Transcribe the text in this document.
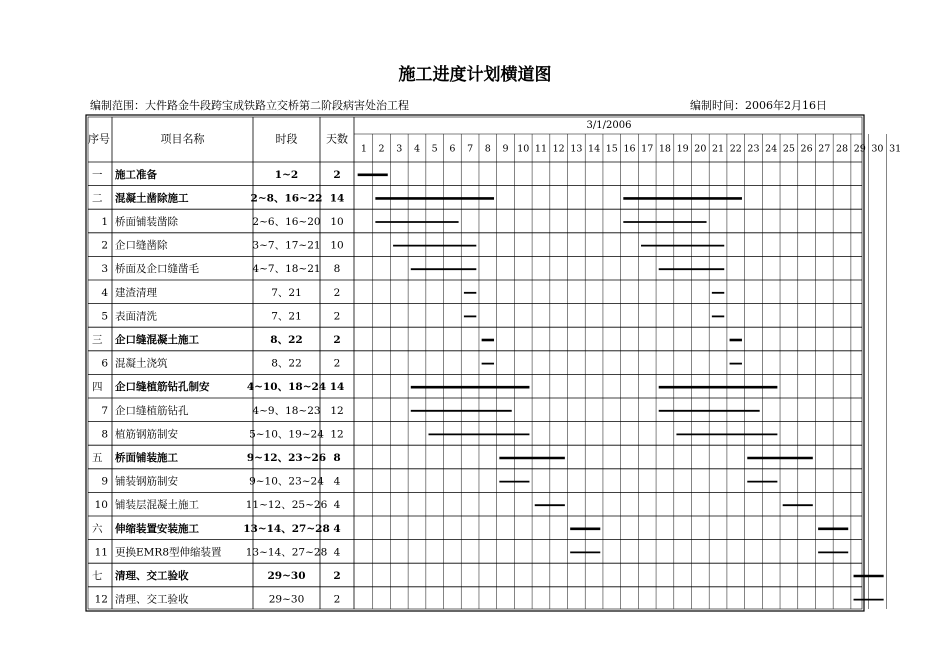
施工进度计划横道图
编制范围：大件路金牛段跨宝成铁路立交桥第二阶段病害处治工程	编制时间：2006年2月16日
序号	项目名称	时段	天数
3/1/2006
1 2 3 4 5 6 7 8 9 10 11 12 13 14 15 16 17 18 19 20 21 22 23 24 25 26 27 28 29 30 31
一 施工准备	1~2	2
二 混凝土凿除施工	2~8、16~22 14
1 桥面铺装凿除	2~6、16~20 10
2 企口缝凿除	3~7、17~21 10
3 桥面及企口缝凿毛	4~7、18~21 8
4 建渣清理	7、21	2
5 表面清洗	7、21	2
三 企口缝混凝土施工	8、22	2
6 混凝土浇筑	8、22	2
四 企口缝植筋钻孔制安	4~10、18~24 14
7 企口缝植筋钻孔	4~9、18~23 12
8 植筋钢筋制安	5~10、19~24 12
五 桥面铺装施工	9~12、23~26 8
9 铺装钢筋制安	9~10、23~24 4
10 铺装层混凝土施工	11~12、25~26 4
六 伸缩装置安装施工	13~14、27~28 4
11 更换EMR8型伸缩装置 13~14、27~28 4
七 清理、交工验收	29~30	2
12 清理、交工验收	29~30	2
